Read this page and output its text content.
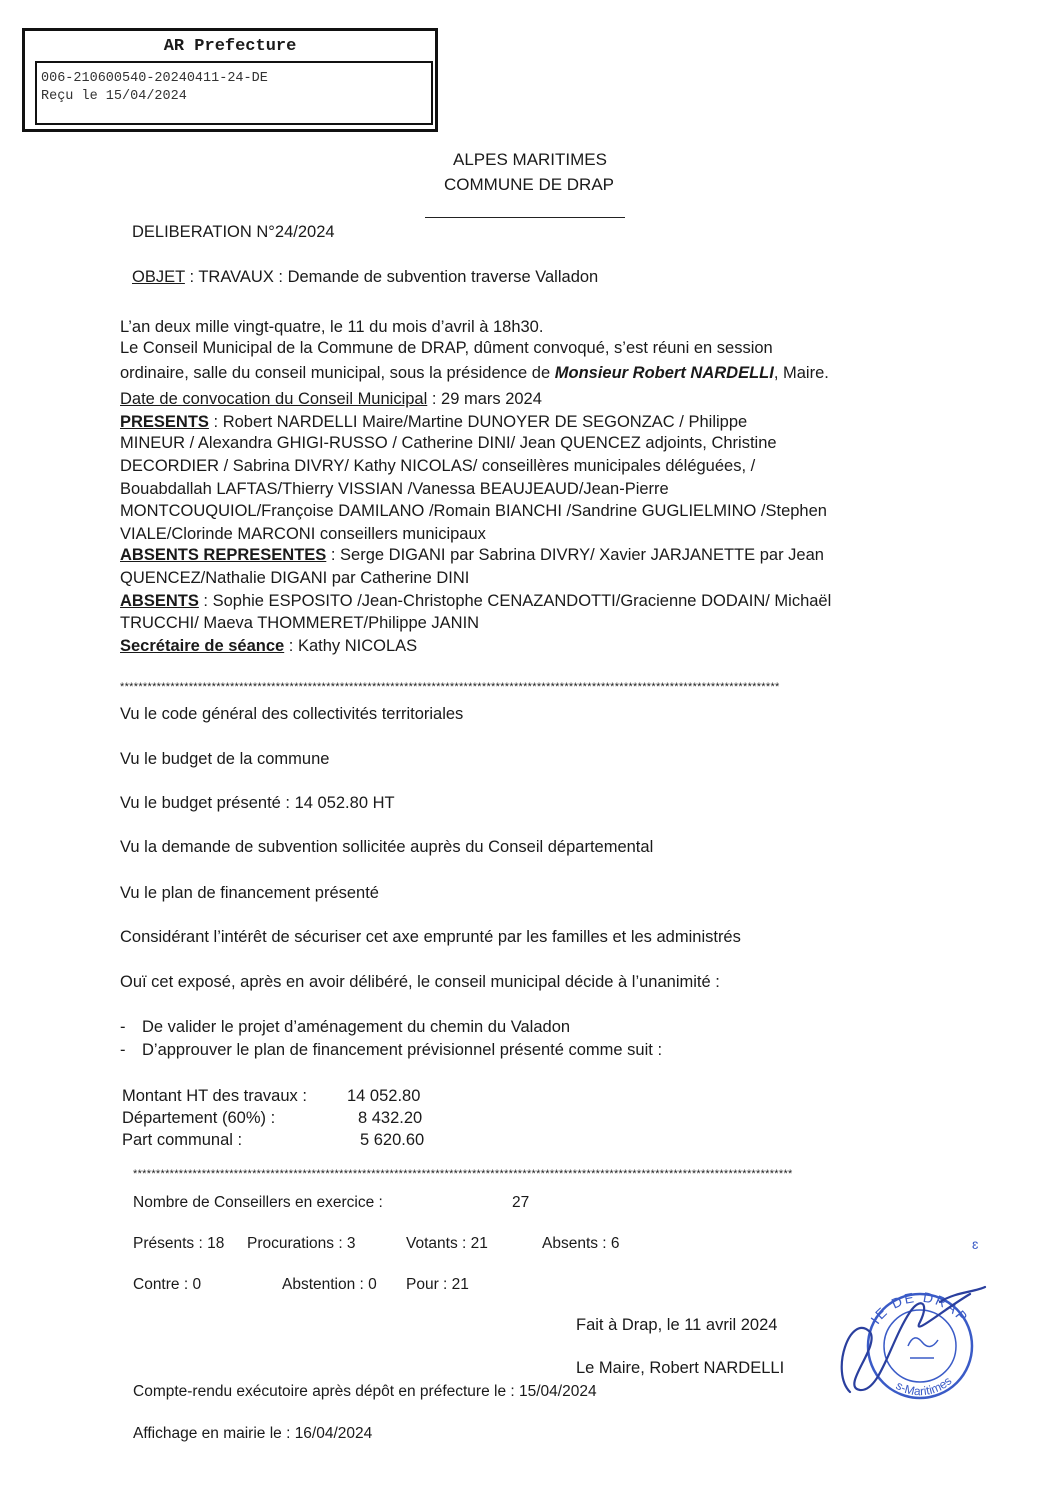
AR Prefecture
006-210600540-20240411-24-DE
Reçu le 15/04/2024
ALPES MARITIMES
COMMUNE DE DRAP
DELIBERATION N°24/2024
OBJET : TRAVAUX : Demande de subvention traverse Valladon
L’an deux mille vingt-quatre, le 11 du mois d’avril à 18h30.
Le Conseil Municipal de la Commune de DRAP, dûment convoqué, s’est réuni en session
ordinaire, salle du conseil municipal, sous la présidence de Monsieur Robert NARDELLI, Maire.
Date de convocation du Conseil Municipal : 29 mars 2024
PRESENTS : Robert NARDELLI Maire/Martine DUNOYER DE SEGONZAC / Philippe
MINEUR / Alexandra GHIGI-RUSSO / Catherine DINI/ Jean QUENCEZ adjoints, Christine
DECORDIER / Sabrina DIVRY/ Kathy NICOLAS/ conseillères municipales déléguées, /
Bouabdallah LAFTAS/Thierry VISSIAN /Vanessa BEAUJEAUD/Jean-Pierre
MONTCOUQUIOL/Françoise DAMILANO /Romain BIANCHI /Sandrine GUGLIELMINO /Stephen
VIALE/Clorinde MARCONI conseillers municipaux
ABSENTS REPRESENTES : Serge DIGANI par Sabrina DIVRY/ Xavier JARJANETTE par Jean
QUENCEZ/Nathalie DIGANI par Catherine DINI
ABSENTS : Sophie ESPOSITO /Jean-Christophe CENAZANDOTTI/Gracienne DODAIN/ Michaël
TRUCCHI/ Maeva THOMMERET/Philippe JANIN
Secrétaire de séance : Kathy NICOLAS
************************************************************************************************************************************************
Vu le code général des collectivités territoriales
Vu le budget de la commune
Vu le budget présenté : 14 052.80 HT
Vu la demande de subvention sollicitée auprès du Conseil départemental
Vu le plan de financement présenté
Considérant l’intérêt de sécuriser cet axe emprunté par les familles et les administrés
Ouï cet exposé, après en avoir délibéré, le conseil municipal décide à l’unanimité :
- De valider le projet d’aménagement du chemin du Valadon
- D’approuver le plan de financement prévisionnel présenté comme suit :
Montant HT des travaux : 14 052.80
Département (60%) :	8 432.20
Part communal :	5 620.60
************************************************************************************************************************************************
Nombre de Conseillers en exercice :	27
Présents : 18 Procurations : 3	Votants : 21	Absents : 6
Contre : 0	Abstention : 0 Pour : 21
Fait à Drap, le 11 avril 2024
Le Maire, Robert NARDELLI
Compte-rendu exécutoire après dépôt en préfecture le : 15/04/2024
Affichage en mairie le : 16/04/2024
ɛ
IE DE DRAP
s-Maritimes
